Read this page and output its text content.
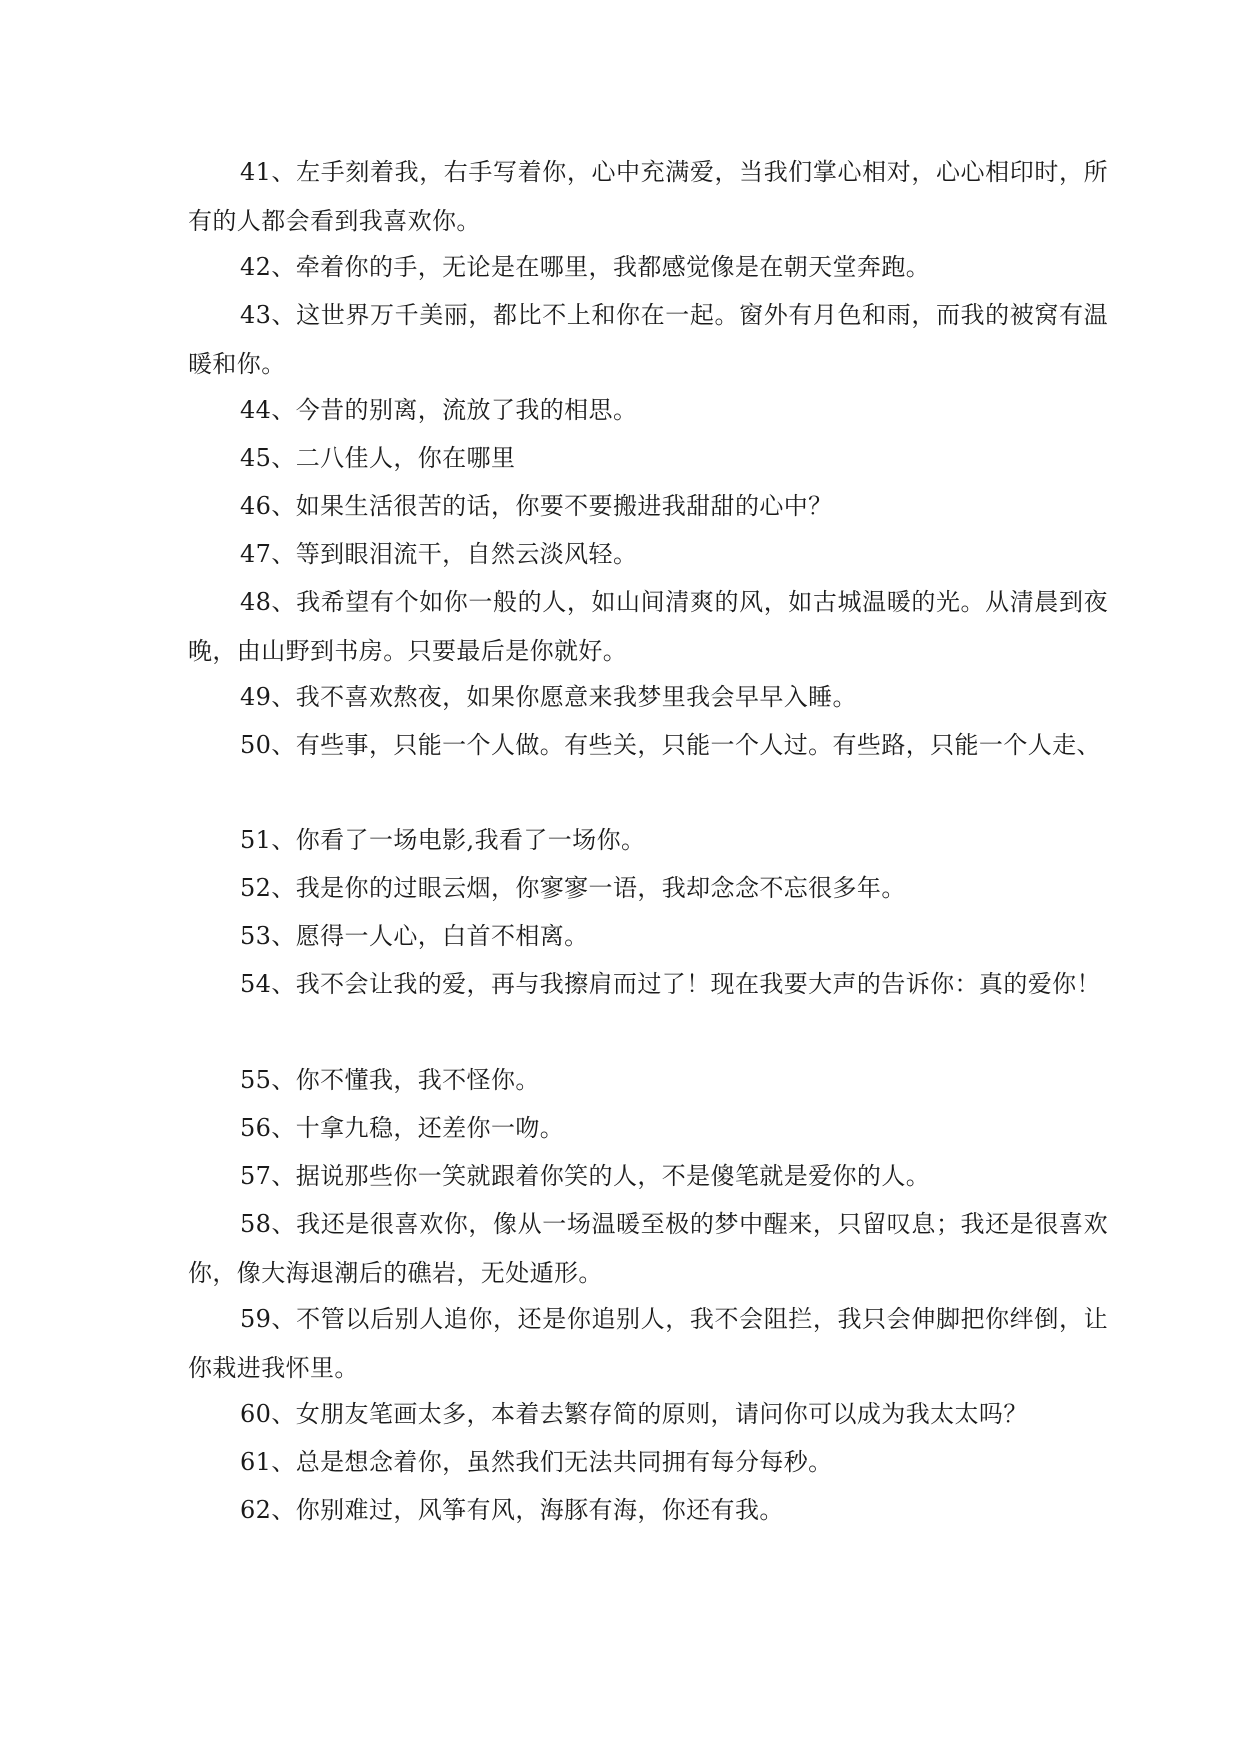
41、左手刻着我，右手写着你，心中充满爱，当我们掌心相对，心心相印时，所有的人都会看到我喜欢你。

42、牵着你的手，无论是在哪里，我都感觉像是在朝天堂奔跑。

43、这世界万千美丽，都比不上和你在一起。窗外有月色和雨，而我的被窝有温暖和你。

44、今昔的别离，流放了我的相思。

45、二八佳人，你在哪里

46、如果生活很苦的话，你要不要搬进我甜甜的心中？

47、等到眼泪流干，自然云淡风轻。

48、我希望有个如你一般的人，如山间清爽的风，如古城温暖的光。从清晨到夜晚，由山野到书房。只要最后是你就好。

49、我不喜欢熬夜，如果你愿意来我梦里我会早早入睡。

50、有些事，只能一个人做。有些关，只能一个人过。有些路，只能一个人走、

51、你看了一场电影,我看了一场你。

52、我是你的过眼云烟，你寥寥一语，我却念念不忘很多年。

53、愿得一人心，白首不相离。

54、我不会让我的爱，再与我擦肩而过了！现在我要大声的告诉你：真的爱你！

55、你不懂我，我不怪你。

56、十拿九稳，还差你一吻。

57、据说那些你一笑就跟着你笑的人，不是傻笔就是爱你的人。

58、我还是很喜欢你，像从一场温暖至极的梦中醒来，只留叹息；我还是很喜欢你，像大海退潮后的礁岩，无处遁形。

59、不管以后别人追你，还是你追别人，我不会阻拦，我只会伸脚把你绊倒，让你栽进我怀里。

60、女朋友笔画太多，本着去繁存简的原则，请问你可以成为我太太吗？

61、总是想念着你，虽然我们无法共同拥有每分每秒。

62、你别难过，风筝有风，海豚有海，你还有我。
